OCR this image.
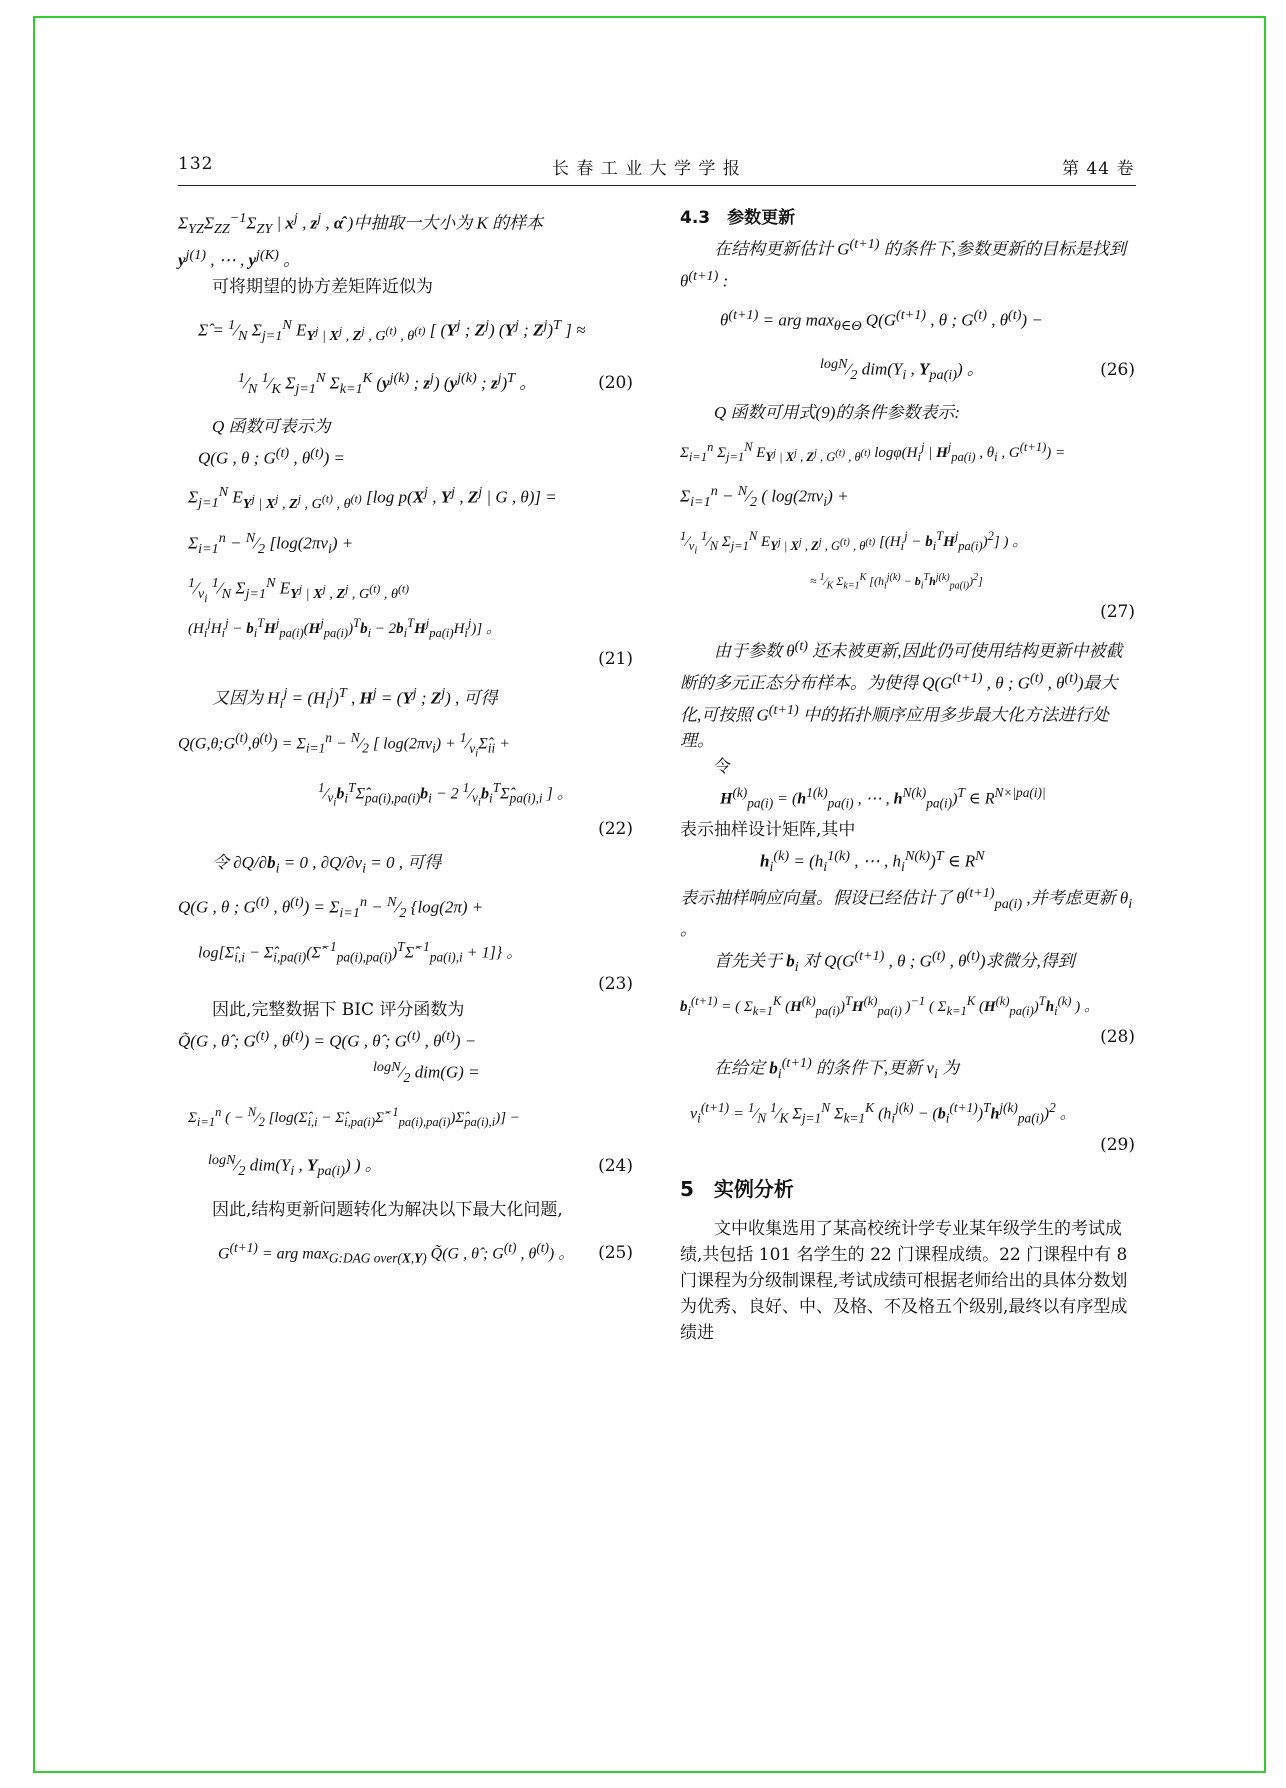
132	长 春 工 业 大 学 学 报	第 44 卷
$\Sigma_{YZ}\Sigma_{ZZ}^{-1}\Sigma_{ZY}$ | $x^j$ , $z^j$ , α̂ )中抽取一大小为 K 的样本
$y^{j(1)}$ , ⋯ , $y^{j(K)}$ 。
可将期望的协方差矩阵近似为
Σ̂ = $^1⁄_N$ $\Sigma_{j=1}^N$ $E_{Y^j | X^j , Z^j , G^{(t)} , \theta^{(t)}}$ [ ($Y^j$ ; $Z^j$) ($Y^j$ ; $Z^j)^T$ ] ≈
$^1⁄_N$ $^1⁄_K$ $\Sigma_{j=1}^N$ $\Sigma_{k=1}^K$ ($y^{j(k)}$ ; $z^j$) ($y^{j(k)}$ ; $z^j)^T$ 。	(20)
Q 函数可表示为
Q(G , θ ; $G^{(t)}$ , $\theta^{(t)}$) =
$\Sigma_{j=1}^N$ $E_{Y^j | X^j , Z^j , G^{(t)} , \theta^{(t)}}$ [log $p(X^j$ , $Y^j$ , $Z^j$ | G , θ)] =
$\Sigma_{i=1}^n$ − $^N⁄_2$ [$\log(2\pi v_i)$ +
$^1⁄_{v_i}$ $^1⁄_N$ $\Sigma_{j=1}^N$ $E_{Y^j | X^j , Z^j , G^{(t)} , \theta^{(t)}}$
$(H_i^jH_i^j - b_i^TH^j_{pa(i)}(H^j_{pa(i)})^Tb_i - 2b_i^TH^j_{pa(i)}H_i^j)$] 。
(21)
又因为 $H_i^j = (H_i^j)^T$ , $H^j = (Y^j$ ; $Z^j$) , 可得
$Q(G,\theta;G^{(t)},\theta^{(t)}) = \Sigma_{i=1}^n$ − $^N⁄_2$ [ $\log(2\pi v_i)$ + $^1⁄_{v_i}\Sigmâ_{ii}$ +
$^1⁄_{v_i}b_i^T\Sigmâ_{pa(i),pa(i)}b_i - 2$ $^1⁄_{v_i}b_i^T\Sigmâ_{pa(i),i}$ ] 。
(22)
令 $\partial Q/\partial b_i = 0$ , $\partial Q/\partial v_i = 0$ , 可得
Q(G , θ ; $G^{(t)}$ , $\theta^{(t)}) = \Sigma_{i=1}^n$ − $^N⁄_2$ {log(2π) +
$\log[\Sigmâ_{i,i}$ − $\Sigmâ_{i,pa(i)}(\Sigmâ^{-1}_{pa(i),pa(i)})^T\Sigmâ^{-1}_{pa(i),i} + 1$]} 。
(23)
因此,完整数据下 BIC 评分函数为
Q̃(G , θ̂ ; $G^{(t)}$ , $\theta^{(t)}) = Q(G$ , θ̂ ; $G^{(t)}$ , $\theta^{(t)}$) −
$^{logN}⁄_2$ dim(G) =
$\Sigma_{i=1}^n$ ( − $^N⁄_2$ [$\log(\Sigmâ_{i,i}$ − $\Sigmâ_{i,pa(i)}\Sigmâ^{-1}_{pa(i),pa(i)})\Sigmâ_{pa(i),i}$)] −
$^{logN}⁄_2$ $dim(Y_i$ , $Y_{pa(i)}$) ) 。	(24)
因此,结构更新问题转化为解决以下最大化问题,
$G^{(t+1)}$ = arg $\max_{G:DAG over(X,Y)}$ Q̃(G , θ̂ ; $G^{(t)}$ , $\theta^{(t)}$) 。 (25)
4.3　参数更新
在结构更新估计 $G^{(t+1)}$ 的条件下,参数更新的目标是找到 $\theta^{(t+1)}$ :
$\theta^{(t+1)}$ = arg $\max_{\theta\in\Theta} Q(G^{(t+1)}$ , θ ; $G^{(t)}$ , $\theta^{(t)}$) −
$^{logN}⁄_2$ $dim(Y_i$ , $Y_{pa(i)}$) 。	(26)
Q 函数可用式(9)的条件参数表示:
$\Sigma_{i=1}^n$ $\Sigma_{j=1}^N$ $E_{Y^j | X^j , Z^j , G^{(t)} , \theta^{(t)}}$ $\log\varphi(H_i^j$ | $H^j_{pa(i)}$ , $\theta_i$ , $G^{(t+1)}$) =
$\Sigma_{i=1}^n$ − $^N⁄_2$ ( $\log(2\pi v_i)$ +
$^1⁄_{v_i}$ $^1⁄_N$ $\Sigma_{j=1}^N$ $E_{Y^j | X^j , Z^j , G^{(t)} , \theta^{(t)}}$ $[(H_i^j - b_i^TH^j_{pa(i)})^2]$ ) 。
≈ $^1⁄_K$ $\Sigma_{k=1}^K$ $[(h_i^{j(k)} - b_i^Th^{j(k)}_{pa(i)})^2]$
(27)
由于参数 $\theta^{(t)}$ 还未被更新,因此仍可使用结构更新中被截断的多元正态分布样本。为使得 $Q(G^{(t+1)}$ , θ ; $G^{(t)}$ , $\theta^{(t)}$)最大化,可按照 $G^{(t+1)}$ 中的拓扑顺序应用多步最大化方法进行处理。
令
$H^{(k)}_{pa(i)} = (h^{1(k)}_{pa(i)}$ , ⋯ , $h^{N(k)}_{pa(i)})^T$ ∈ $R^{N\times|pa(i)|}$
表示抽样设计矩阵,其中
$h_i^{(k)} = (h_i^{1(k)}$ , ⋯ , $h_i^{N(k)})^T$ ∈ $R^N$
表示抽样响应向量。假设已经估计了 $\theta^{(t+1)}_{pa(i)}$ ,并考虑更新 $\theta_i$ 。
首先关于 $b_i$ 对 $Q(G^{(t+1)}$ , θ ; $G^{(t)}$ , $\theta^{(t)}$)求微分,得到
$b_i^{(t+1)}$ = ( $\Sigma_{k=1}^K$ $(H^{(k)}_{pa(i)})^TH^{(k)}_{pa(i)}$ )$^{-1}$ ( $\Sigma_{k=1}^K$ $(H^{(k)}_{pa(i)})^Th_i^{(k)}$ ) 。
(28)
在给定 $b_i^{(t+1)}$ 的条件下,更新 $v_i$ 为
$v_i^{(t+1)}$ = $^1⁄_N$ $^1⁄_K$ $\Sigma_{j=1}^N$ $\Sigma_{k=1}^K$ $(h_i^{j(k)} - (b_i^{(t+1)})^Th^{j(k)}_{pa(i)})^2$ 。
(29)
5　实例分析
文中收集选用了某高校统计学专业某年级学生的考试成绩,共包括 101 名学生的 22 门课程成绩。22 门课程中有 8 门课程为分级制课程,考试成绩可根据老师给出的具体分数划为优秀、良好、中、及格、不及格五个级别,最终以有序型成绩进
